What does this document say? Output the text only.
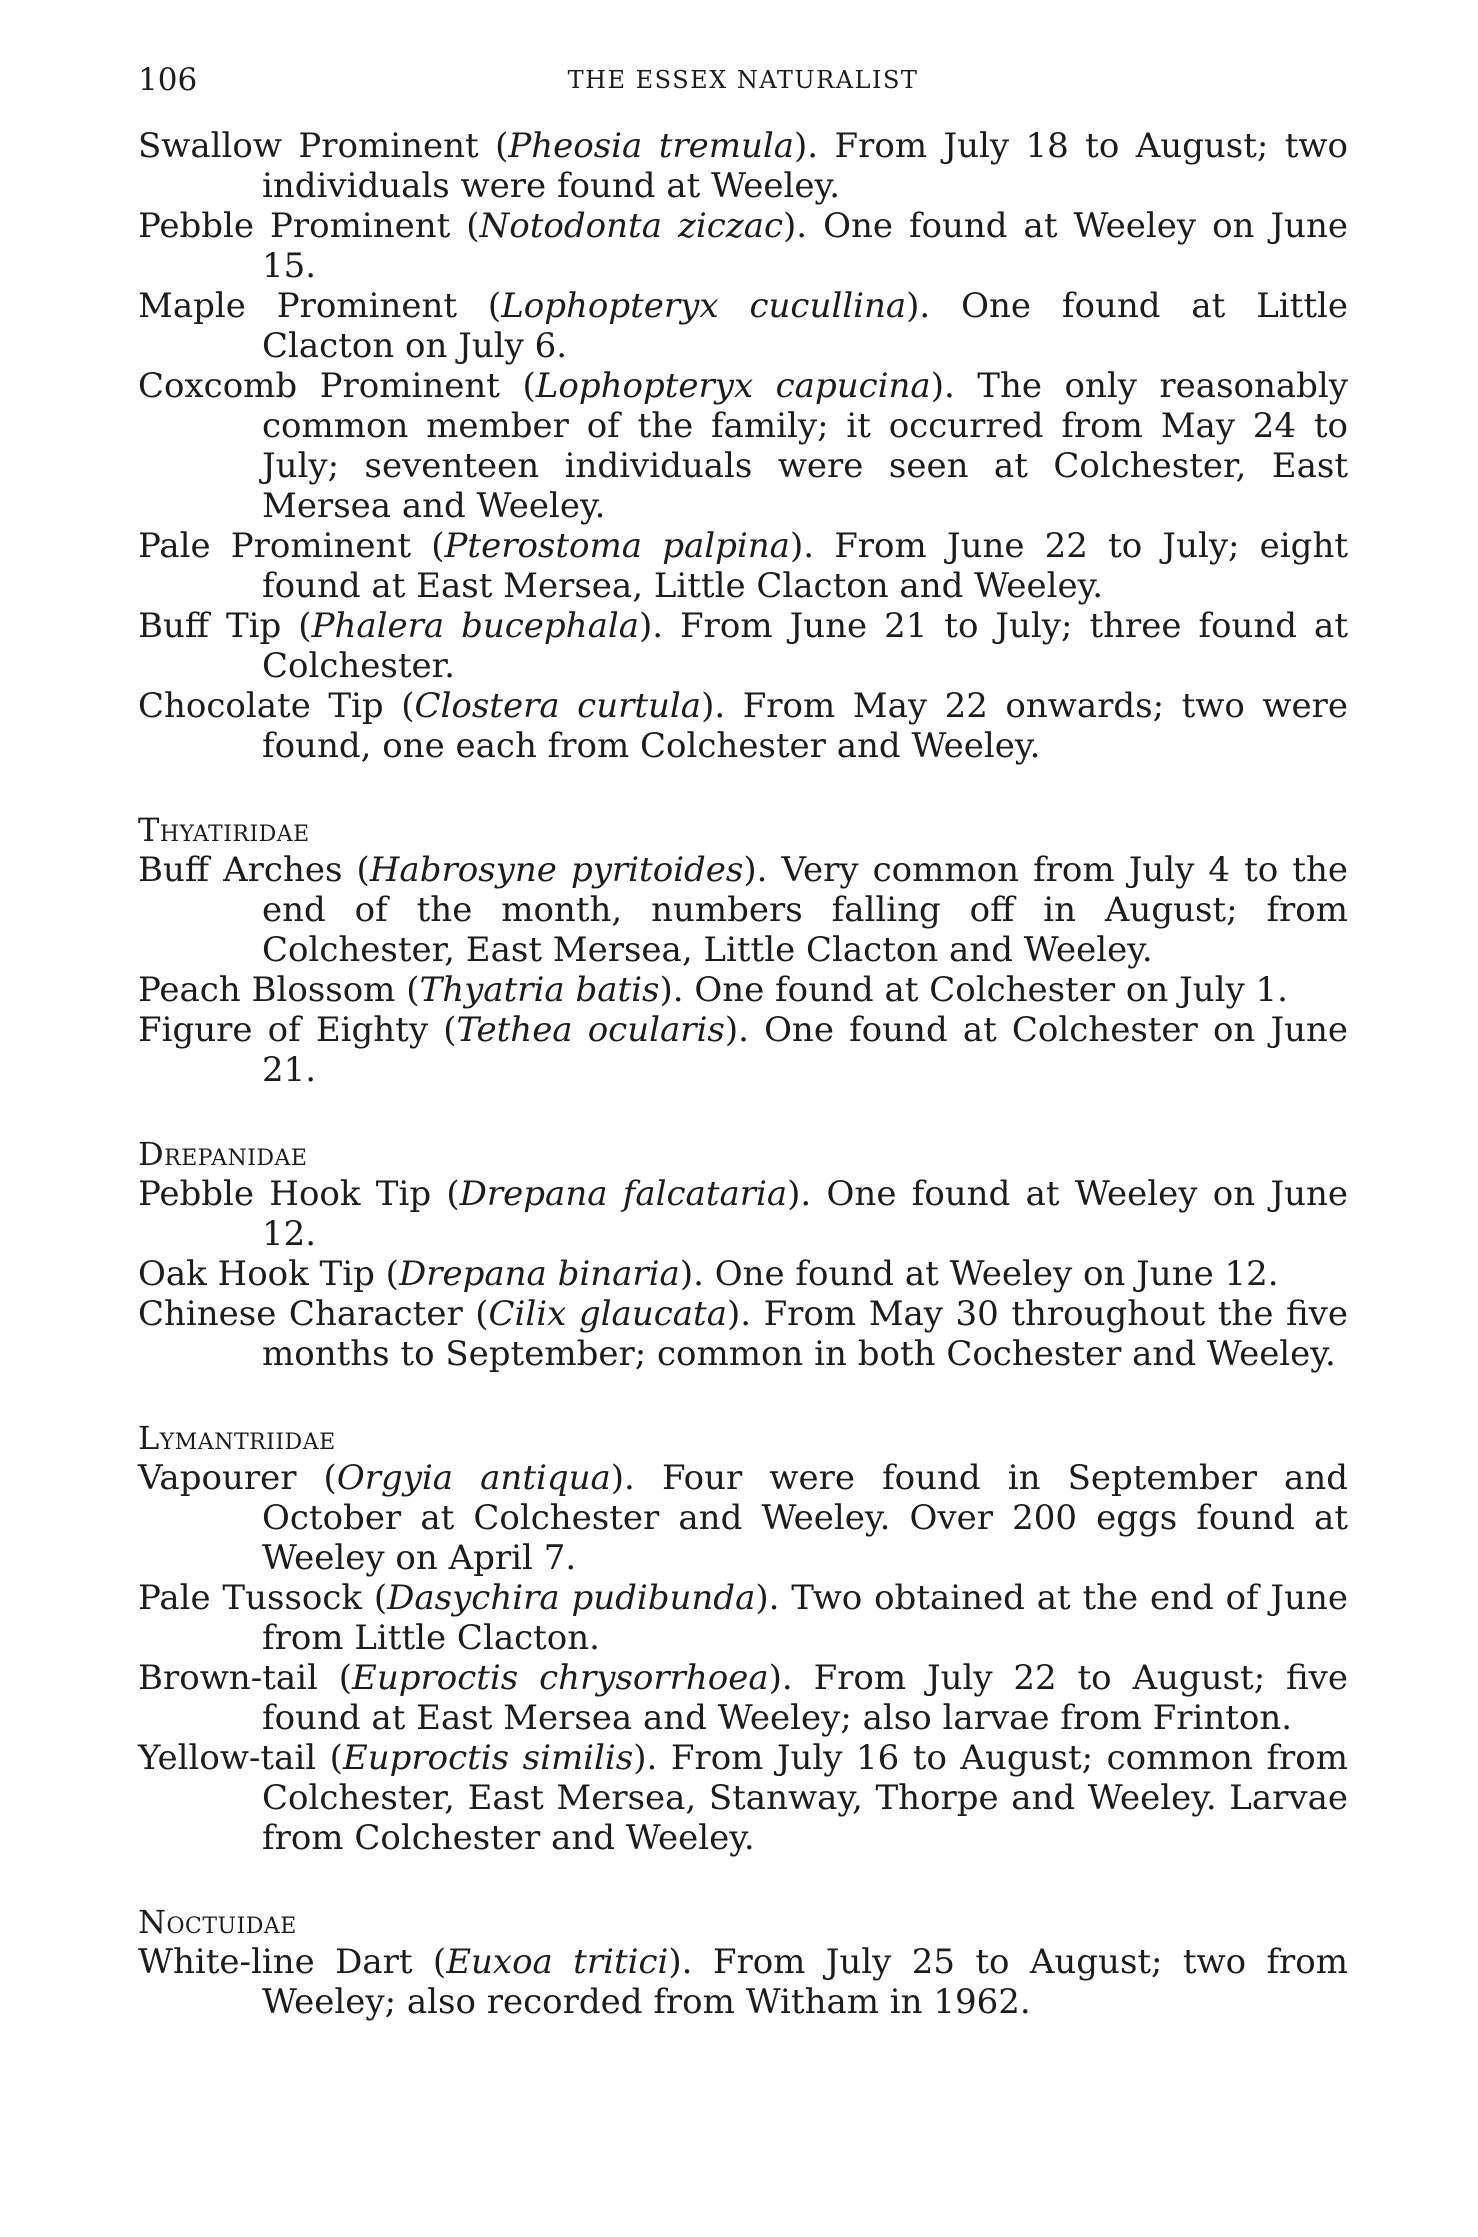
106	THE ESSEX NATURALIST

Swallow Prominent (Pheosia tremula). From July 18 to August; two individuals were found at Weeley.

Pebble Prominent (Notodonta ziczac). One found at Weeley on June 15.

Maple Prominent (Lophopteryx cucullina). One found at Little Clacton on July 6.

Coxcomb Prominent (Lophopteryx capucina). The only reasonably common member of the family; it occurred from May 24 to July; seventeen individuals were seen at Colchester, East Mersea and Weeley.

Pale Prominent (Pterostoma palpina). From June 22 to July; eight found at East Mersea, Little Clacton and Weeley.

Buff Tip (Phalera bucephala). From June 21 to July; three found at Colchester.

Chocolate Tip (Clostera curtula). From May 22 onwards; two were found, one each from Colchester and Weeley.

Thyatiridae

Buff Arches (Habrosyne pyritoides). Very common from July 4 to the end of the month, numbers falling off in August; from Colchester, East Mersea, Little Clacton and Weeley.

Peach Blossom (Thyatria batis). One found at Colchester on July 1.

Figure of Eighty (Tethea ocularis). One found at Colchester on June 21.

Drepanidae

Pebble Hook Tip (Drepana falcataria). One found at Weeley on June 12.

Oak Hook Tip (Drepana binaria). One found at Weeley on June 12.

Chinese Character (Cilix glaucata). From May 30 throughout the five months to September; common in both Cochester and Weeley.

Lymantriidae

Vapourer (Orgyia antiqua). Four were found in September and October at Colchester and Weeley. Over 200 eggs found at Weeley on April 7.

Pale Tussock (Dasychira pudibunda). Two obtained at the end of June from Little Clacton.

Brown-tail (Euproctis chrysorrhoea). From July 22 to August; five found at East Mersea and Weeley; also larvae from Frinton.

Yellow-tail (Euproctis similis). From July 16 to August; common from Colchester, East Mersea, Stanway, Thorpe and Weeley. Larvae from Colchester and Weeley.

Noctuidae

White-line Dart (Euxoa tritici). From July 25 to August; two from Weeley; also recorded from Witham in 1962.
